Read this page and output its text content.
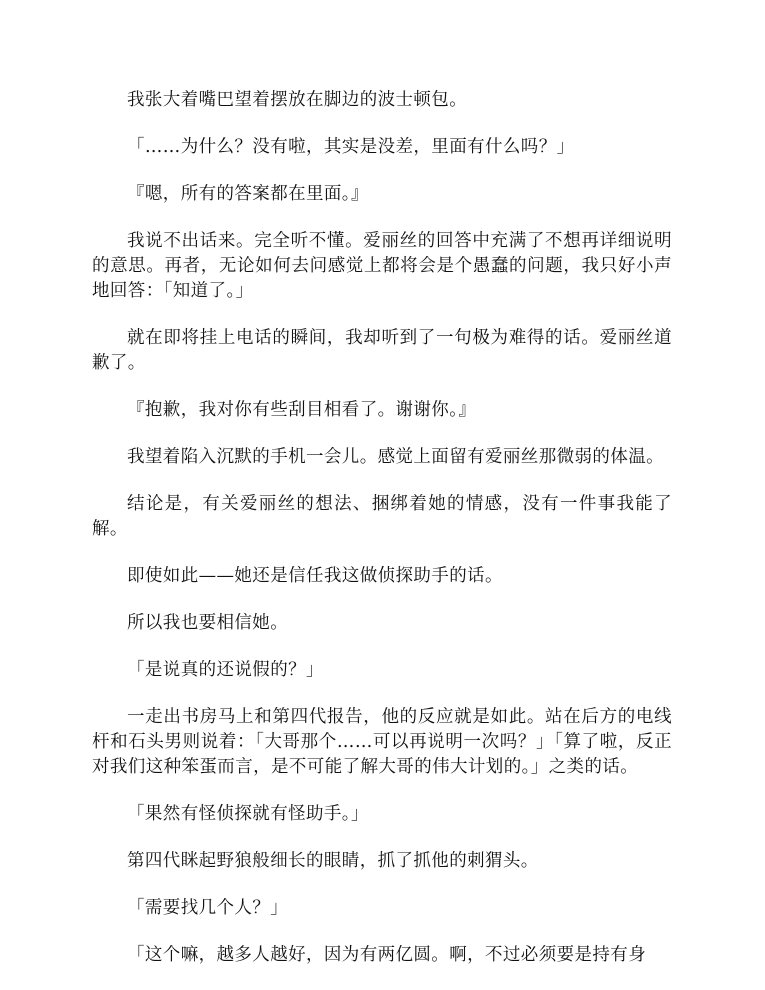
我张大着嘴巴望着摆放在脚边的波士顿包。

「……为什么？没有啦，其实是没差，里面有什么吗？」

『嗯，所有的答案都在里面。』

我说不出话来。完全听不懂。爱丽丝的回答中充满了不想再详细说明的意思。再者，无论如何去问感觉上都将会是个愚蠢的问题，我只好小声地回答：「知道了。」

就在即将挂上电话的瞬间，我却听到了一句极为难得的话。爱丽丝道歉了。

『抱歉，我对你有些刮目相看了。谢谢你。』

我望着陷入沉默的手机一会儿。感觉上面留有爱丽丝那微弱的体温。

结论是，有关爱丽丝的想法、捆绑着她的情感，没有一件事我能了解。

即使如此——她还是信任我这做侦探助手的话。

所以我也要相信她。

「是说真的还说假的？」

一走出书房马上和第四代报告，他的反应就是如此。站在后方的电线杆和石头男则说着：「大哥那个……可以再说明一次吗？」「算了啦，反正对我们这种笨蛋而言，是不可能了解大哥的伟大计划的。」之类的话。

「果然有怪侦探就有怪助手。」

第四代眯起野狼般细长的眼睛，抓了抓他的刺猬头。

「需要找几个人？」

「这个嘛，越多人越好，因为有两亿圆。啊，不过必须要是持有身
